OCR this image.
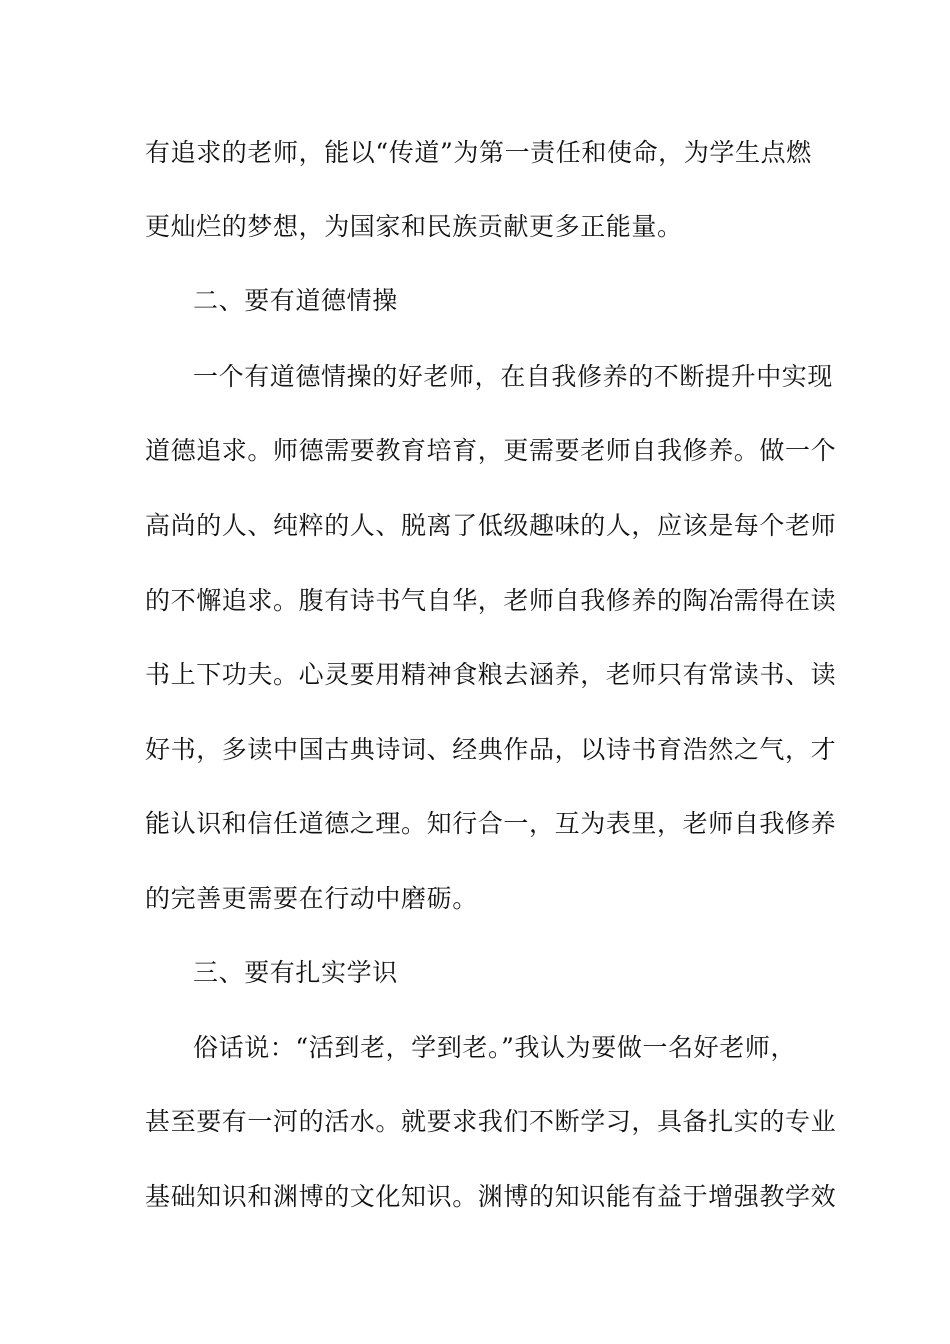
有追求的老师，能以“传道”为第一责任和使命，为学生点燃
更灿烂的梦想，为国家和民族贡献更多正能量。
二、要有道德情操
一个有道德情操的好老师，在自我修养的不断提升中实现
道德追求。师德需要教育培育，更需要老师自我修养。做一个
高尚的人、纯粹的人、脱离了低级趣味的人，应该是每个老师
的不懈追求。腹有诗书气自华，老师自我修养的陶冶需得在读
书上下功夫。心灵要用精神食粮去涵养，老师只有常读书、读
好书，多读中国古典诗词、经典作品，以诗书育浩然之气，才
能认识和信任道德之理。知行合一，互为表里，老师自我修养
的完善更需要在行动中磨砺。
三、要有扎实学识
俗话说：“活到老，学到老。”我认为要做一名好老师，
甚至要有一河的活水。就要求我们不断学习，具备扎实的专业
基础知识和渊博的文化知识。渊博的知识能有益于增强教学效
